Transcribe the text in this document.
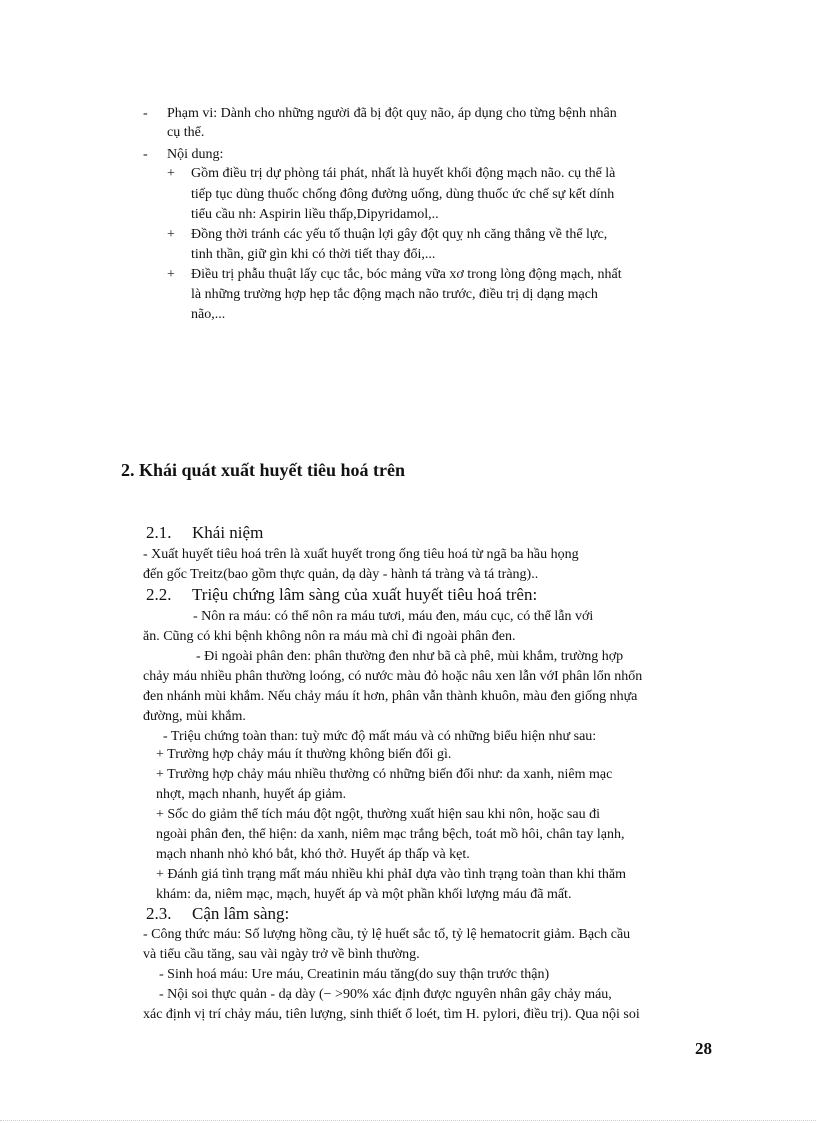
- Phạm vi: Dành cho những người đã bị đột quỵ não, áp dụng cho từng bệnh nhân
cụ thể.
- Nội dung:
+ Gồm điều trị dự phòng tái phát, nhất là huyết khối động mạch não. cụ thể là
tiếp tục dùng thuốc chống đông đường uống, dùng thuốc ức chế sự kết dính
tiểu cầu nh: Aspirin liều thấp,Dipyridamol,..
+ Đồng thời tránh các yếu tố thuận lợi gây đột quỵ nh căng thẳng về thể lực,
tinh thần, giữ gìn khi có thời tiết thay đổi,...
+ Điều trị phẫu thuật lấy cục tắc, bóc mảng vữa xơ trong lòng động mạch, nhất
là những trường hợp hẹp tắc động mạch não trước, điều trị dị dạng mạch
não,...
2. Khái quát xuất huyết tiêu hoá trên
2.1. Khái niệm
- Xuất huyết tiêu hoá trên là xuất huyết trong ống tiêu hoá từ ngã ba hầu họng
đến gốc Treitz(bao gồm thực quản, dạ dày - hành tá tràng và tá tràng)..
2.2. Triệu chứng lâm sàng của xuất huyết tiêu hoá trên:
- Nôn ra máu: có thể nôn ra máu tươi, máu đen, máu cục, có thể lẫn với
ăn. Cũng có khi bệnh không nôn ra máu mà chỉ đi ngoài phân đen.
- Đi ngoài phân đen: phân thường đen như bã cà phê, mùi khắm, trường hợp
chảy máu nhiều phân thường loóng, có nước màu đỏ hoặc nâu xen lẫn vớI phân lổn nhổn
đen nhánh mùi khắm. Nếu chảy máu ít hơn, phân vẫn thành khuôn, màu đen giống nhựa
đường, mùi khắm.
- Triệu chứng toàn than: tuỳ mức độ mất máu và có những biểu hiện như sau:
+ Trường hợp chảy máu ít thường không biến đổi gì.
+ Trường hợp chảy máu nhiều thường có những biến đổi như: da xanh, niêm mạc
nhợt, mạch nhanh, huyết áp giảm.
+ Sốc do giảm thể tích máu đột ngột, thường xuất hiện sau khi nôn, hoặc sau đi
ngoài phân đen, thể hiện: da xanh, niêm mạc trắng bệch, toát mồ hôi, chân tay lạnh,
mạch nhanh nhỏ khó bắt, khó thở. Huyết áp thấp và kẹt.
+ Đánh giá tình trạng mất máu nhiều khi phảI dựa vào tình trạng toàn than khi thăm
khám: da, niêm mạc, mạch, huyết áp và một phần khối lượng máu đã mất.
2.3. Cận lâm sàng:
- Công thức máu: Số lượng hồng cầu, tỷ lệ huết sắc tố, tỷ lệ hematocrit giảm. Bạch cầu
và tiểu cầu tăng, sau vài ngày trở về bình thường.
- Sinh hoá máu: Ure máu, Creatinin máu tăng(do suy thận trước thận)
- Nội soi thực quản - dạ dày (− >90% xác định được nguyên nhân gây chảy máu,
xác định vị trí chảy máu, tiên lượng, sinh thiết ổ loét, tìm H. pylori, điều trị). Qua nội soi
28
